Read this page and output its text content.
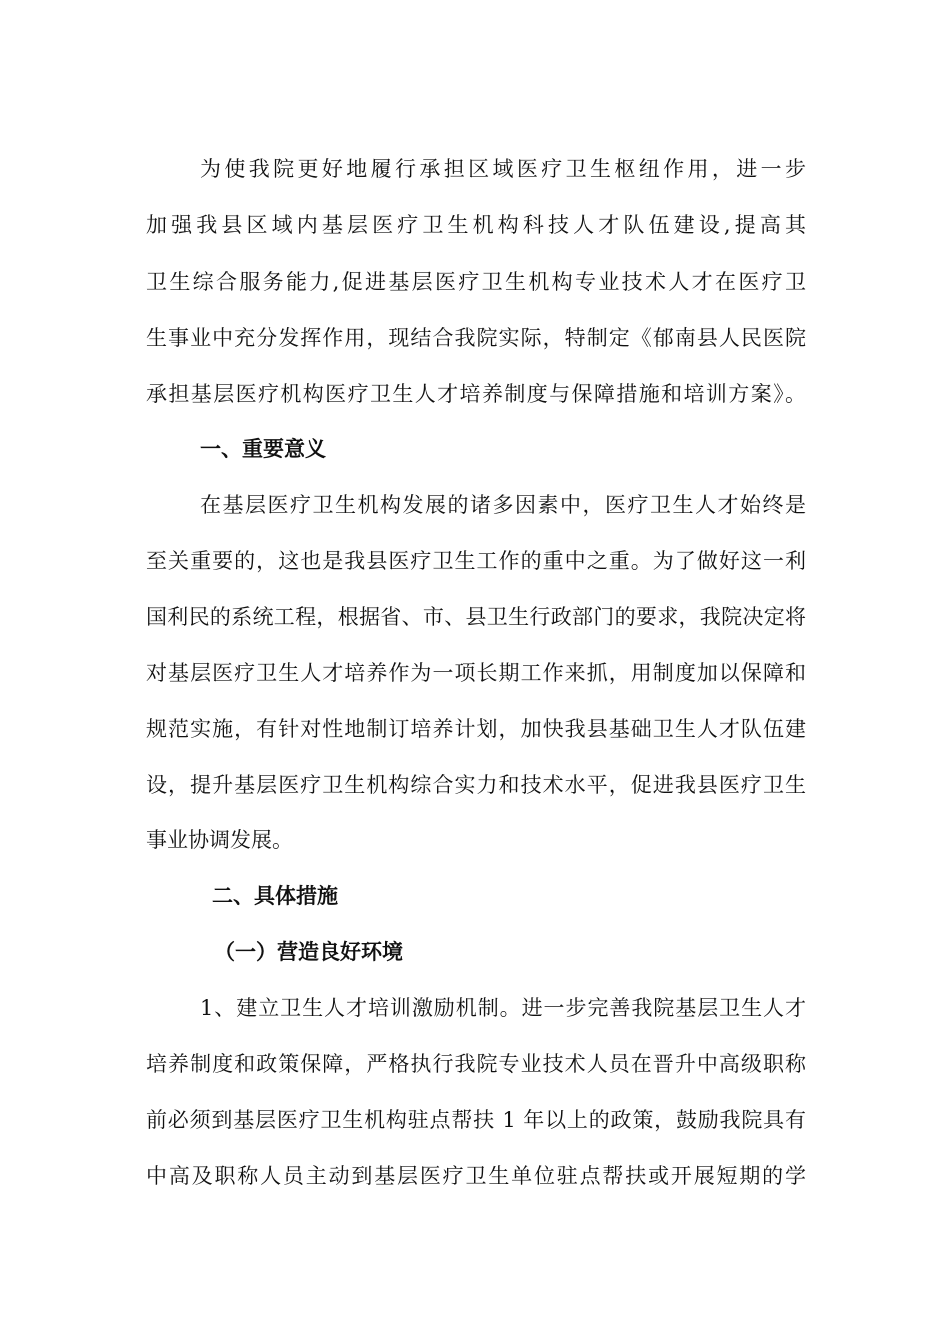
为使我院更好地履行承担区域医疗卫生枢纽作用，进一步
加强我县区域内基层医疗卫生机构科技人才队伍建设,提高其
卫生综合服务能力,促进基层医疗卫生机构专业技术人才在医疗卫
生事业中充分发挥作用，现结合我院实际，特制定《郁南县人民医院
承担基层医疗机构医疗卫生人才培养制度与保障措施和培训方案》。
一、重要意义
在基层医疗卫生机构发展的诸多因素中，医疗卫生人才始终是
至关重要的，这也是我县医疗卫生工作的重中之重。为了做好这一利
国利民的系统工程，根据省、市、县卫生行政部门的要求，我院决定将
对基层医疗卫生人才培养作为一项长期工作来抓，用制度加以保障和
规范实施，有针对性地制订培养计划，加快我县基础卫生人才队伍建
设，提升基层医疗卫生机构综合实力和技术水平，促进我县医疗卫生
事业协调发展。
二、具体措施
（一）营造良好环境
1、建立卫生人才培训激励机制。进一步完善我院基层卫生人才
培养制度和政策保障，严格执行我院专业技术人员在晋升中高级职称
前必须到基层医疗卫生机构驻点帮扶 1 年以上的政策，鼓励我院具有
中高及职称人员主动到基层医疗卫生单位驻点帮扶或开展短期的学
